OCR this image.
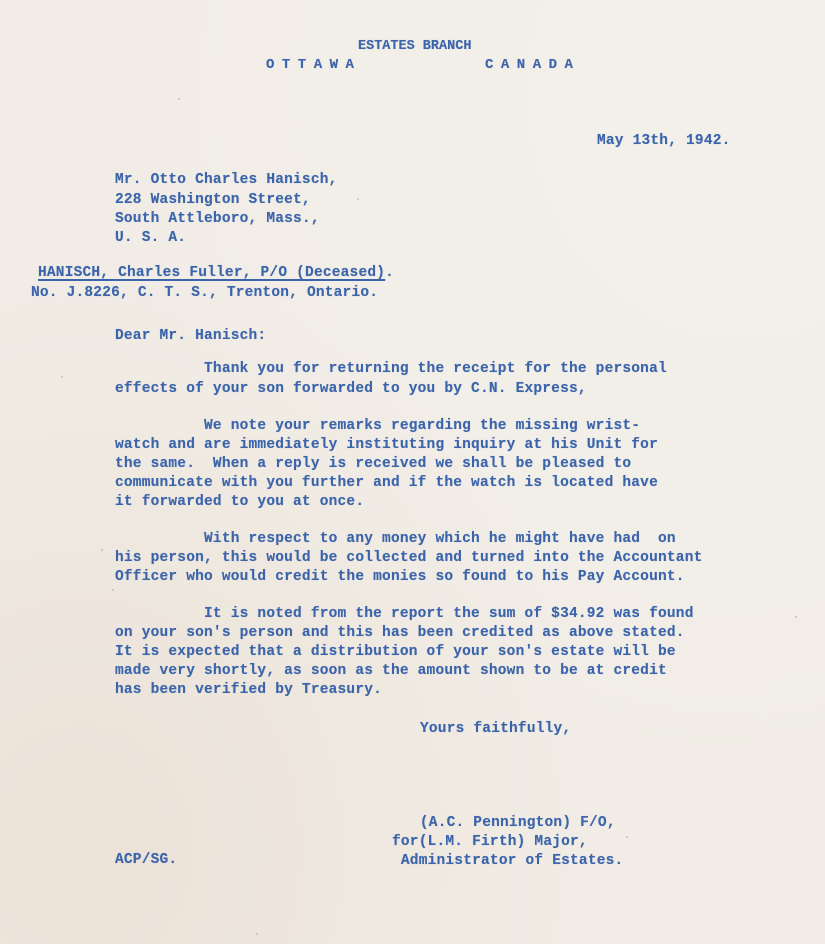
ESTATES BRANCH
OTTAWA	CANADA
May 13th, 1942.
Mr. Otto Charles Hanisch,
228 Washington Street,
South Attleboro, Mass.,
U. S. A.
HANISCH, Charles Fuller, P/O (Deceased).
No. J.8226, C. T. S., Trenton, Ontario.
Dear Mr. Hanisch:
Thank you for returning the receipt for the personal
effects of your son forwarded to you by C.N. Express,
We note your remarks regarding the missing wrist-
watch and are immediately instituting inquiry at his Unit for
the same.  When a reply is received we shall be pleased to
communicate with you further and if the watch is located have
it forwarded to you at once.
With respect to any money which he might have had  on
his person, this would be collected and turned into the Accountant
Officer who would credit the monies so found to his Pay Account.
It is noted from the report the sum of $34.92 was found
on your son's person and this has been credited as above stated.
It is expected that a distribution of your son's estate will be
made very shortly, as soon as the amount shown to be at credit
has been verified by Treasury.
Yours faithfully,
(A.C. Pennington) F/O,
for(L.M. Firth) Major,
Administrator of Estates.
ACP/SG.
